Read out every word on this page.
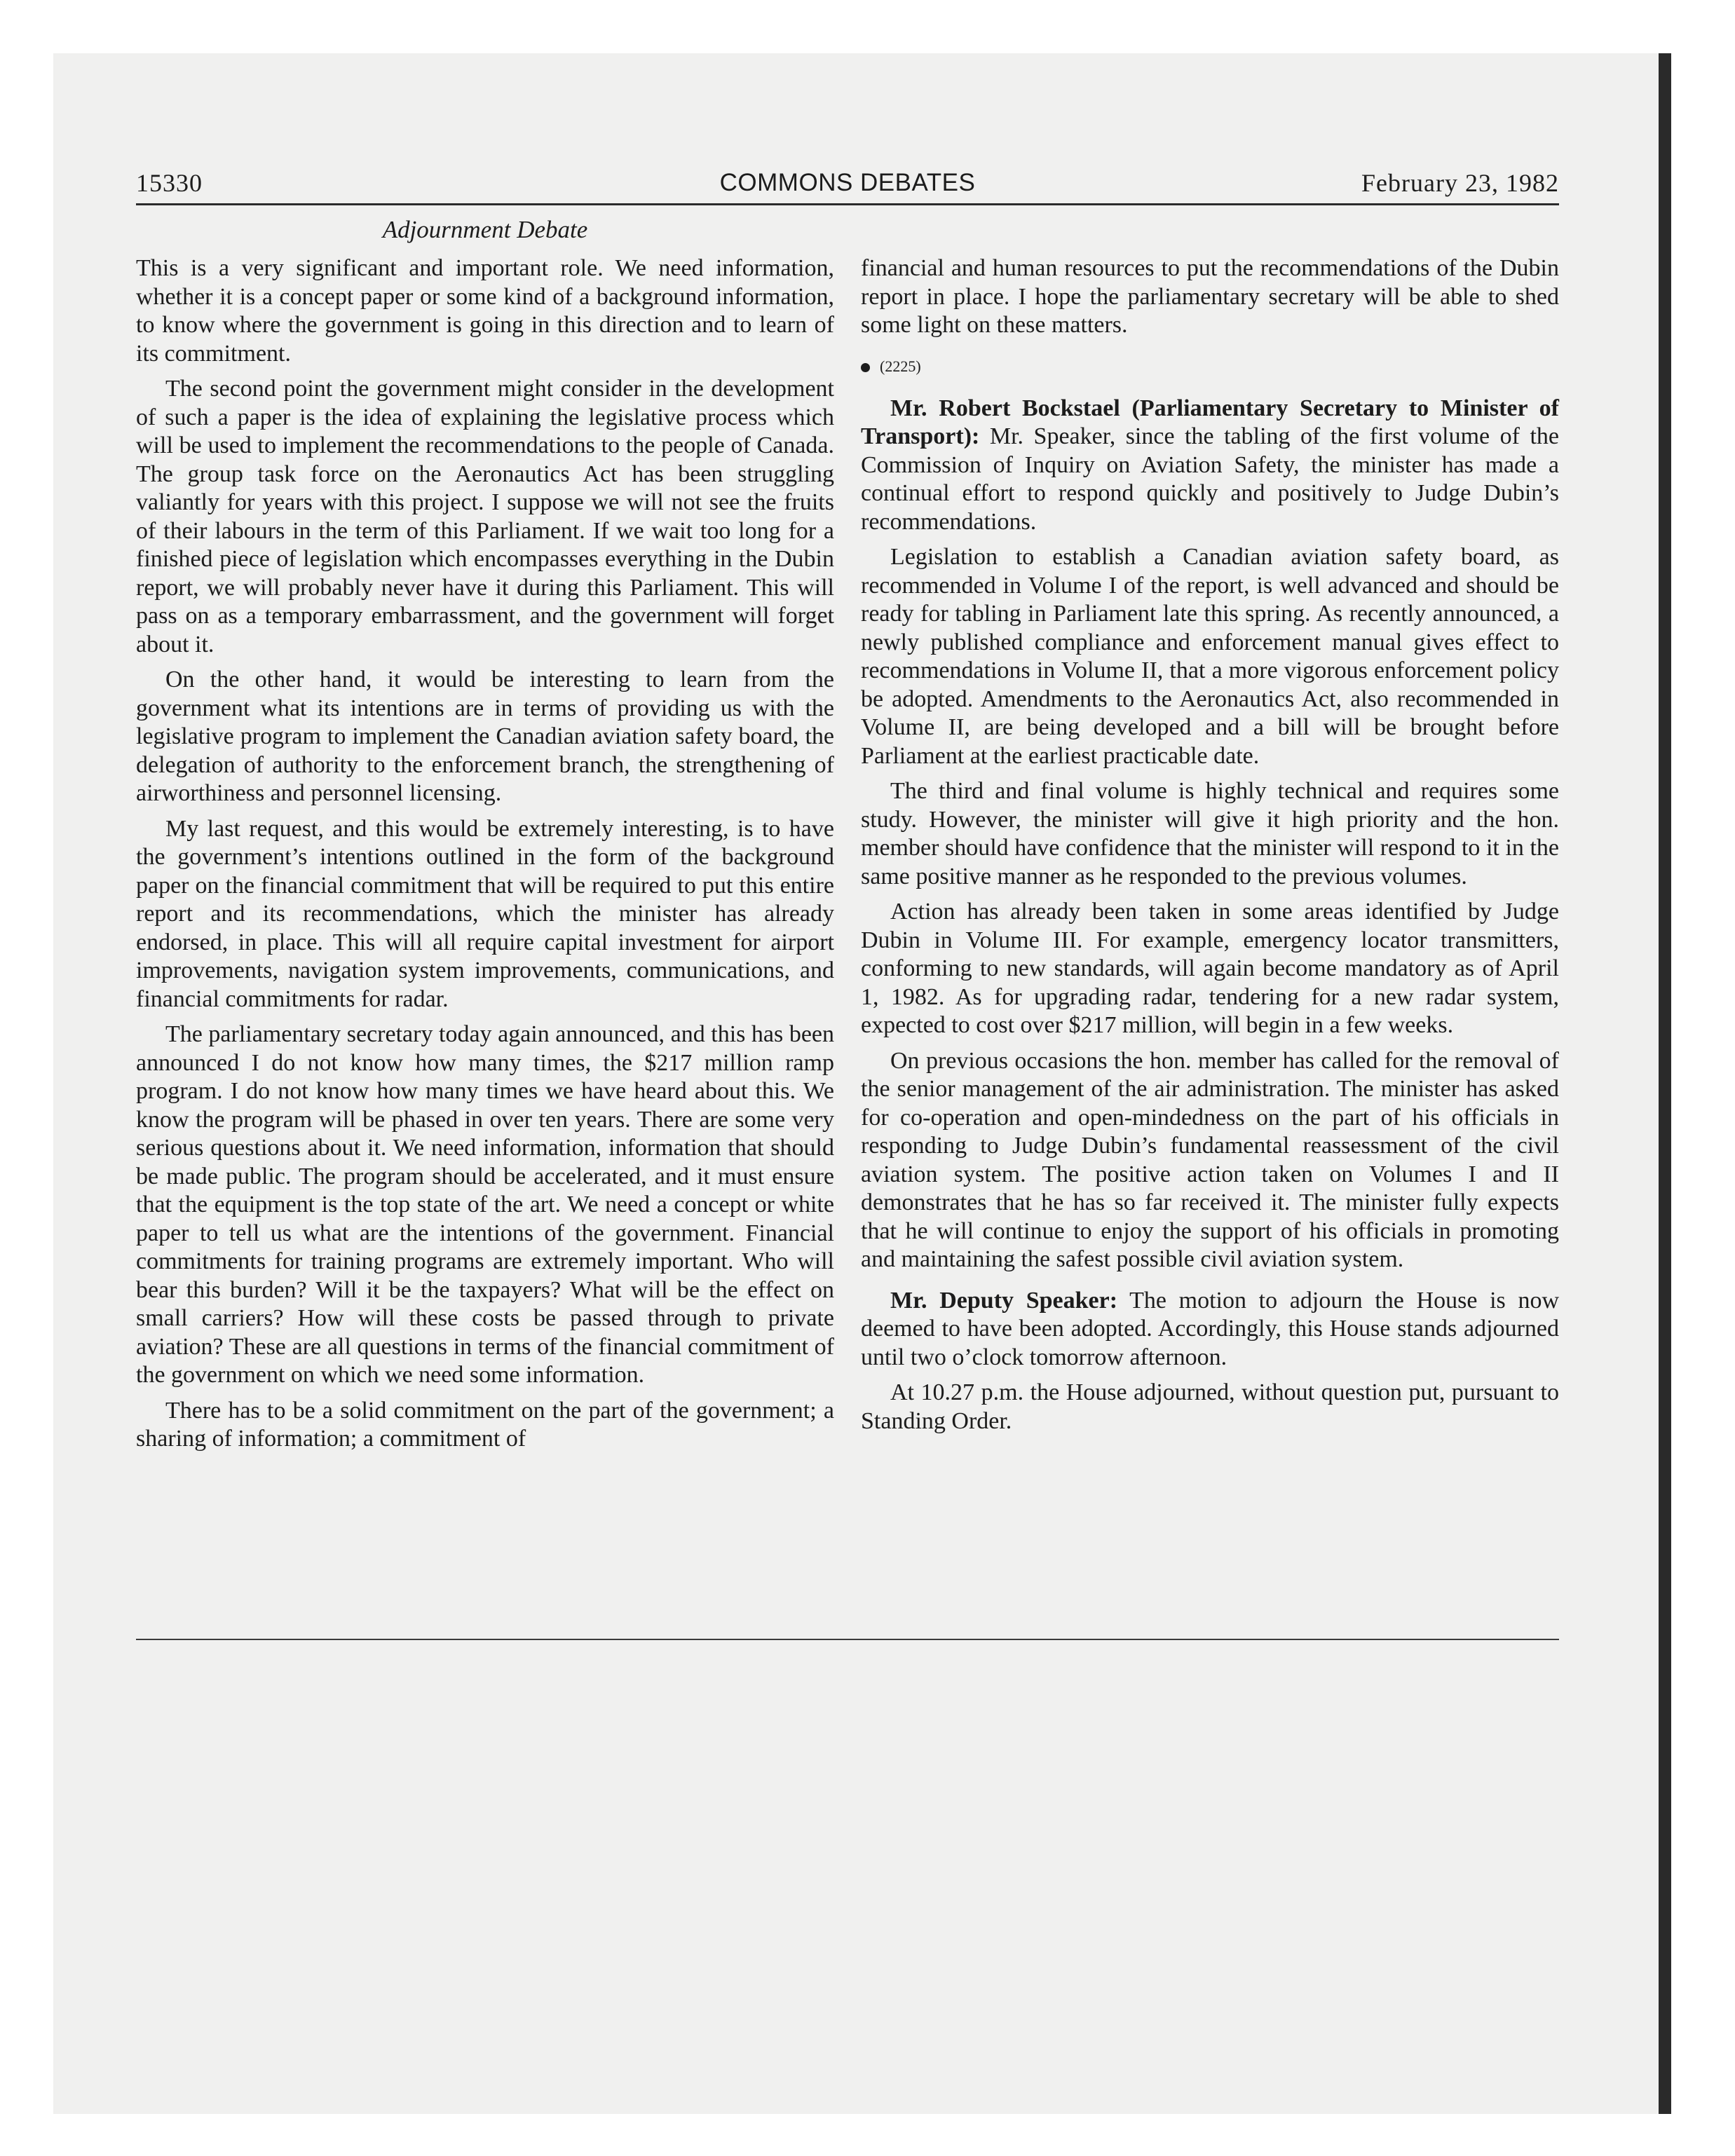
15330	COMMONS DEBATES	February 23, 1982
Adjournment Debate

This is a very significant and important role. We need information, whether it is a concept paper or some kind of a background information, to know where the government is going in this direction and to learn of its commitment.

The second point the government might consider in the development of such a paper is the idea of explaining the legislative process which will be used to implement the recommendations to the people of Canada. The group task force on the Aeronautics Act has been struggling valiantly for years with this project. I suppose we will not see the fruits of their labours in the term of this Parliament. If we wait too long for a finished piece of legislation which encompasses everything in the Dubin report, we will probably never have it during this Parliament. This will pass on as a temporary embarrassment, and the government will forget about it.

On the other hand, it would be interesting to learn from the government what its intentions are in terms of providing us with the legislative program to implement the Canadian aviation safety board, the delegation of authority to the enforcement branch, the strengthening of airworthiness and personnel licensing.

My last request, and this would be extremely interesting, is to have the government’s intentions outlined in the form of the background paper on the financial commitment that will be required to put this entire report and its recommendations, which the minister has already endorsed, in place. This will all require capital investment for airport improvements, navigation system improvements, communications, and financial commitments for radar.

The parliamentary secretary today again announced, and this has been announced I do not know how many times, the $217 million ramp program. I do not know how many times we have heard about this. We know the program will be phased in over ten years. There are some very serious questions about it. We need information, information that should be made public. The program should be accelerated, and it must ensure that the equipment is the top state of the art. We need a concept or white paper to tell us what are the intentions of the government. Financial commitments for training programs are extremely important. Who will bear this burden? Will it be the taxpayers? What will be the effect on small carriers? How will these costs be passed through to private aviation? These are all questions in terms of the financial commitment of the government on which we need some information.

There has to be a solid commitment on the part of the government; a sharing of information; a commitment of

financial and human resources to put the recommendations of the Dubin report in place. I hope the parliamentary secretary will be able to shed some light on these matters.

(2225)

Mr. Robert Bockstael (Parliamentary Secretary to Minister of Transport): Mr. Speaker, since the tabling of the first volume of the Commission of Inquiry on Aviation Safety, the minister has made a continual effort to respond quickly and positively to Judge Dubin’s recommendations.

Legislation to establish a Canadian aviation safety board, as recommended in Volume I of the report, is well advanced and should be ready for tabling in Parliament late this spring. As recently announced, a newly published compliance and enforcement manual gives effect to recommendations in Volume II, that a more vigorous enforcement policy be adopted. Amendments to the Aeronautics Act, also recommended in Volume II, are being developed and a bill will be brought before Parliament at the earliest practicable date.

The third and final volume is highly technical and requires some study. However, the minister will give it high priority and the hon. member should have confidence that the minister will respond to it in the same positive manner as he responded to the previous volumes.

Action has already been taken in some areas identified by Judge Dubin in Volume III. For example, emergency locator transmitters, conforming to new standards, will again become mandatory as of April 1, 1982. As for upgrading radar, tendering for a new radar system, expected to cost over $217 million, will begin in a few weeks.

On previous occasions the hon. member has called for the removal of the senior management of the air administration. The minister has asked for co-operation and open-mindedness on the part of his officials in responding to Judge Dubin’s fundamental reassessment of the civil aviation system. The positive action taken on Volumes I and II demonstrates that he has so far received it. The minister fully expects that he will continue to enjoy the support of his officials in promoting and maintaining the safest possible civil aviation system.

Mr. Deputy Speaker: The motion to adjourn the House is now deemed to have been adopted. Accordingly, this House stands adjourned until two o’clock tomorrow afternoon.

At 10.27 p.m. the House adjourned, without question put, pursuant to Standing Order.
